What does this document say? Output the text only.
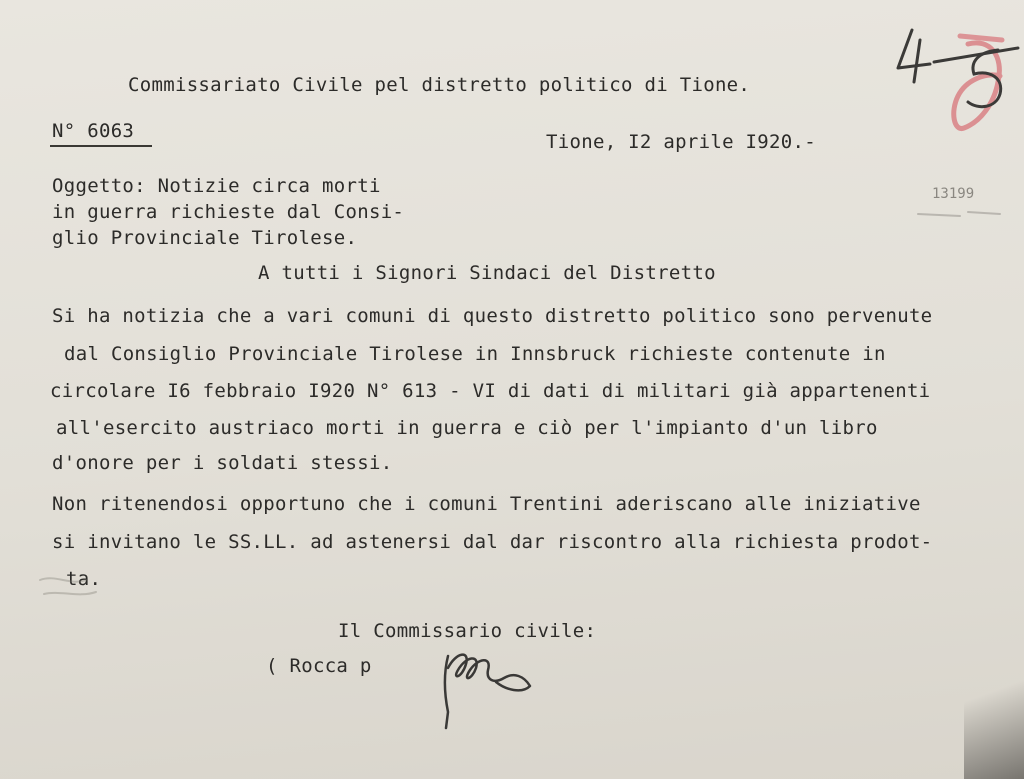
Commissariato Civile pel distretto politico di Tione.
N° 6063	Tione, I2 aprile I920.-
13199
Oggetto: Notizie circa morti
in guerra richieste dal Consi-
glio Provinciale Tirolese.
A tutti i Signori Sindaci del Distretto
Si ha notizia che a vari comuni di questo distretto politico sono pervenute
dal Consiglio Provinciale Tirolese in Innsbruck richieste contenute in
circolare I6 febbraio I920 N° 613 - VI di dati di militari già appartenenti
all'esercito austriaco morti in guerra e ciò per l'impianto d'un libro
d'onore per i soldati stessi.
Non ritenendosi opportuno che i comuni Trentini aderiscano alle iniziative
si invitano le SS.LL. ad astenersi dal dar riscontro alla richiesta prodot-
ta.
Il Commissario civile:
( Rocca p
